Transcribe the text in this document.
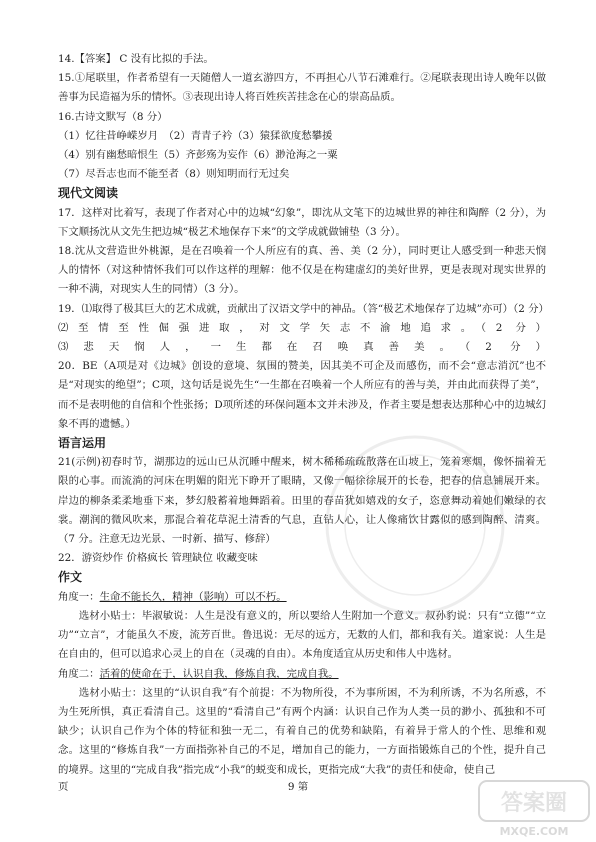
14.【答案】 C 没有比拟的手法。

15.①尾联里，作者希望有一天随僧人一道玄游四方，不再担心八节石滩难行。②尾联表现出诗人晚年以做善事为民造福为乐的情怀。③表现出诗人将百姓疾苦挂念在心的崇高品质。

16.古诗文默写（8 分）

（1）忆往昔峥嵘岁月　（2）青青子衿（3）猿猱欲度愁攀援

（4）别有幽愁暗恨生（5）齐彭殇为妄作（6）渺沧海之一粟

（7）尽吾志也而不能至者（8）则知明而行无过矣

现代文阅读

17．这样对比着写，表现了作者对心中的边城“幻象”，即沈从文笔下的边城世界的神往和陶醉（2 分），为下文顺扬沈从文先生把边城“极艺术地保存下来”的文学成就做铺垫（3 分）。

18.沈从文营造世外桃源，是在召唤着一个人所应有的真、善、美（2 分），同时更让人感受到一种悲天悯人的情怀（对这种情怀我们可以作这样的理解：他不仅是在构建虚幻的美好世界，更是表现对现实世界的一种不满，对现实人生的同情）（3 分）。

19．⑴取得了极其巨大的艺术成就，贡献出了汉语文学中的神品。（答“极艺术地保存了边城”亦可）（2 分）

⑵至情至性倔强进取，对文学矢志不渝地追求。（2 分）

⑶悲天悯人，一生都在召唤真善美。（2 分）

20．BE（A项是对《边城》创设的意境、氛围的赞美，因其美不可企及而感伤，而不会“意志消沉”也不是“对现实的绝望”；C项，这句话是说先生“一生都在召唤着一个人所应有的善与美，并由此而获得了美”，而不是表明他的自信和个性张扬；D项所述的环保问题本文并未涉及，作者主要是想表达那种心中的边城幻象不再的遗憾。）

语言运用

21(示例)初春时节，湖那边的远山已从沉睡中醒来，树木稀稀疏疏散落在山坡上，笼着寒烟，像怀揣着无限的心事。而流淌的河床在明媚的阳光下睁开了眼睛，又像一幅徐徐展开的长卷，把春的信息铺展开来。岸边的柳条柔柔地垂下来，梦幻般蓄着地舞蹈着。田里的春苗犹如嬉戏的女子，恣意舞动着她们嫩绿的衣裳。潮润的微风吹来，那混合着花草泥土清香的气息，直钻人心，让人像痛饮甘露似的感到陶醉、清爽。（7 分。注意无边光景、一时新、描写、修辞）

22．游资炒作 价格疯长 管理缺位 收藏变味

作文

角度一：生命不能长久，精神（影响）可以不朽。

选材小贴士：毕淑敏说：人生是没有意义的，所以要给人生附加一个意义。叔孙豹说：只有“立德”“立功”“立言”，才能虽久不废，流芳百世。鲁迅说：无尽的远方，无数的人们，都和我有关。道家说：人生是在自由的，但可以追求心灵上的自在（灵魂的自由）。本角度适宜从历史和伟人中选材。

角度二：活着的使命在于，认识自我，修炼自我，完成自我。

选材小贴士：这里的“认识自我”有个前提：不为物所役，不为事所困，不为利所诱，不为名所惑，不为生死所惧，真正看清自己。这里的“看清自己”有两个内涵：认识自己作为人类一员的渺小、孤独和不可缺少；认识自己作为个体的特征和独一无二，有着自己的优势和缺陷，有着异于常人的个性、思维和观念。这里的“修炼自我”一方面指弥补自己的不足，增加自己的能力，一方面指锻炼自己的个性，提升自己的境界。这里的“完成自我”指完成“小我”的蜕变和成长，更指完成“大我”的责任和使命，使自己

页	9 第
答案圈
MXQE.COM
